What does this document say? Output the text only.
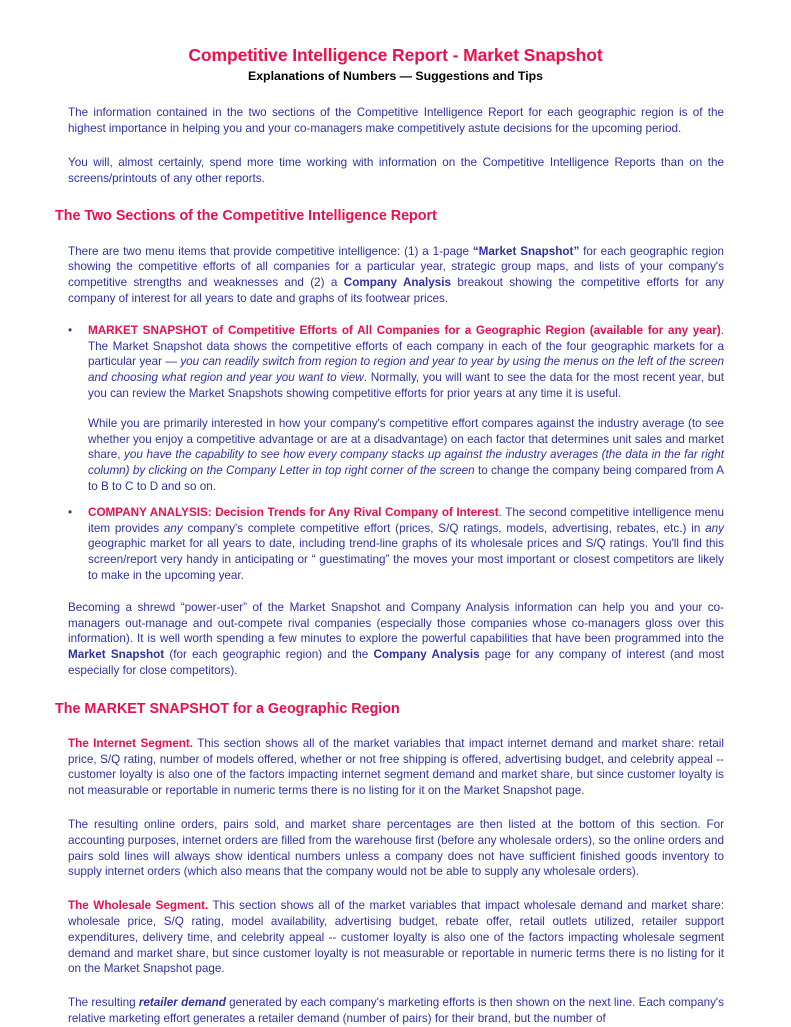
Competitive Intelligence Report - Market Snapshot
Explanations of Numbers — Suggestions and Tips

The information contained in the two sections of the Competitive Intelligence Report for each geographic region is of the highest importance in helping you and your co-managers make competitively astute decisions for the upcoming period.

You will, almost certainly, spend more time working with information on the Competitive Intelligence Reports than on the screens/printouts of any other reports.

The Two Sections of the Competitive Intelligence Report

There are two menu items that provide competitive intelligence: (1) a 1-page “Market Snapshot” for each geographic region showing the competitive efforts of all companies for a particular year, strategic group maps, and lists of your company's competitive strengths and weaknesses and (2) a Company Analysis breakout showing the competitive efforts for any company of interest for all years to date and graphs of its footwear prices.

• MARKET SNAPSHOT of Competitive Efforts of All Companies for a Geographic Region (available for any year). The Market Snapshot data shows the competitive efforts of each company in each of the four geographic markets for a particular year — you can readily switch from region to region and year to year by using the menus on the left of the screen and choosing what region and year you want to view. Normally, you will want to see the data for the most recent year, but you can review the Market Snapshots showing competitive efforts for prior years at any time it is useful.
While you are primarily interested in how your company's competitive effort compares against the industry average (to see whether you enjoy a competitive advantage or are at a disadvantage) on each factor that determines unit sales and market share, you have the capability to see how every company stacks up against the industry averages (the data in the far right column) by clicking on the Company Letter in top right corner of the screen to change the company being compared from A to B to C to D and so on.
• COMPANY ANALYSIS: Decision Trends for Any Rival Company of Interest. The second competitive intelligence menu item provides any company's complete competitive effort (prices, S/Q ratings, models, advertising, rebates, etc.) in any geographic market for all years to date, including trend-line graphs of its wholesale prices and S/Q ratings. You'll find this screen/report very handy in anticipating or “ guestimating” the moves your most important or closest competitors are likely to make in the upcoming year.

Becoming a shrewd “power-user” of the Market Snapshot and Company Analysis information can help you and your co-managers out-manage and out-compete rival companies (especially those companies whose co-managers gloss over this information). It is well worth spending a few minutes to explore the powerful capabilities that have been programmed into the Market Snapshot (for each geographic region) and the Company Analysis page for any company of interest (and most especially for close competitors).

The MARKET SNAPSHOT for a Geographic Region

The Internet Segment. This section shows all of the market variables that impact internet demand and market share: retail price, S/Q rating, number of models offered, whether or not free shipping is offered, advertising budget, and celebrity appeal -- customer loyalty is also one of the factors impacting internet segment demand and market share, but since customer loyalty is not measurable or reportable in numeric terms there is no listing for it on the Market Snapshot page.

The resulting online orders, pairs sold, and market share percentages are then listed at the bottom of this section. For accounting purposes, internet orders are filled from the warehouse first (before any wholesale orders), so the online orders and pairs sold lines will always show identical numbers unless a company does not have sufficient finished goods inventory to supply internet orders (which also means that the company would not be able to supply any wholesale orders).

The Wholesale Segment. This section shows all of the market variables that impact wholesale demand and market share: wholesale price, S/Q rating, model availability, advertising budget, rebate offer, retail outlets utilized, retailer support expenditures, delivery time, and celebrity appeal -- customer loyalty is also one of the factors impacting wholesale segment demand and market share, but since customer loyalty is not measurable or reportable in numeric terms there is no listing for it on the Market Snapshot page.

The resulting retailer demand generated by each company's marketing efforts is then shown on the next line. Each company's relative marketing effort generates a retailer demand (number of pairs) for their brand, but the number of
